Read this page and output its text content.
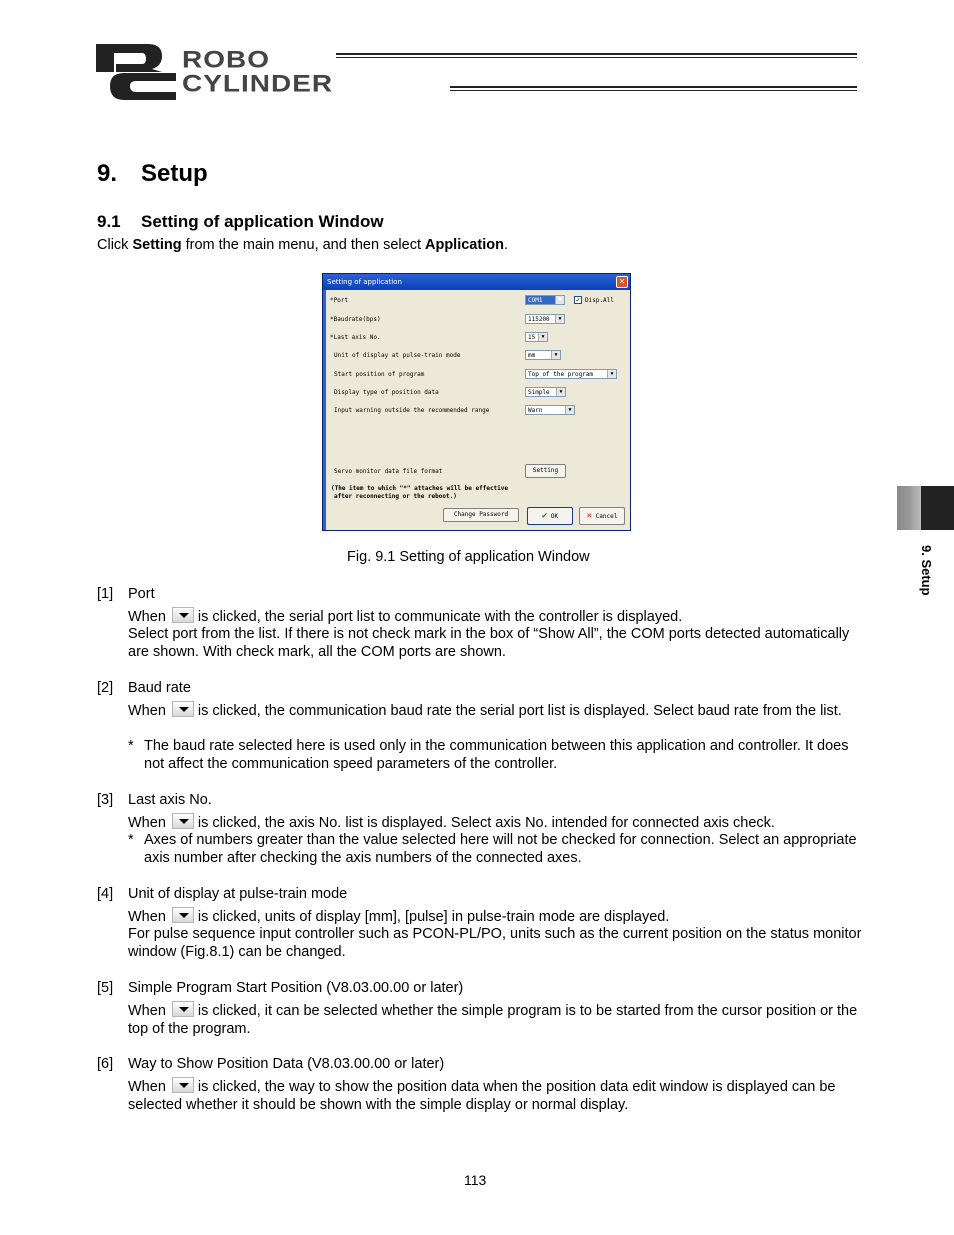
ROBO
CYLINDER
9. Setup
9.1 Setting of application Window
Click Setting from the main menu, and then select Application.
Setting of application	✕
*Port	COM1	▼	✓ Disp.All
*Baudrate(bps)	115200	▼
*Last axis No.	15	▼
Unit of display at pulse-train mode	mm	▼
Start position of program	Top of the program	▼
Display type of position data	Simple	▼
Input warning outside the recommended range	Warn	▼
Servo monitor data file format	Setting
(The item to which "*" attaches will be effective
after reconnecting or the reboot.)
Change Password	✔ OK	✕ Cancel
Fig. 9.1 Setting of application Window	9. Setup
[1] Port
When is clicked, the serial port list to communicate with the controller is displayed.
Select port from the list. If there is not check mark in the box of “Show All”, the COM ports detected automatically are shown. With check mark, all the COM ports are shown.
[2] Baud rate
When is clicked, the communication baud rate the serial port list is displayed. Select baud rate from the list.
* The baud rate selected here is used only in the communication between this application and controller. It does not affect the communication speed parameters of the controller.
[3] Last axis No.
When is clicked, the axis No. list is displayed. Select axis No. intended for connected axis check.
* Axes of numbers greater than the value selected here will not be checked for connection. Select an appropriate axis number after checking the axis numbers of the connected axes.
[4] Unit of display at pulse-train mode
When is clicked, units of display [mm], [pulse] in pulse-train mode are displayed.
For pulse sequence input controller such as PCON-PL/PO, units such as the current position on the status monitor window (Fig.8.1) can be changed.
[5] Simple Program Start Position (V8.03.00.00 or later)
When is clicked, it can be selected whether the simple program is to be started from the cursor position or the top of the program.
[6] Way to Show Position Data (V8.03.00.00 or later)
When is clicked, the way to show the position data when the position data edit window is displayed can be selected whether it should be shown with the simple display or normal display.
113
